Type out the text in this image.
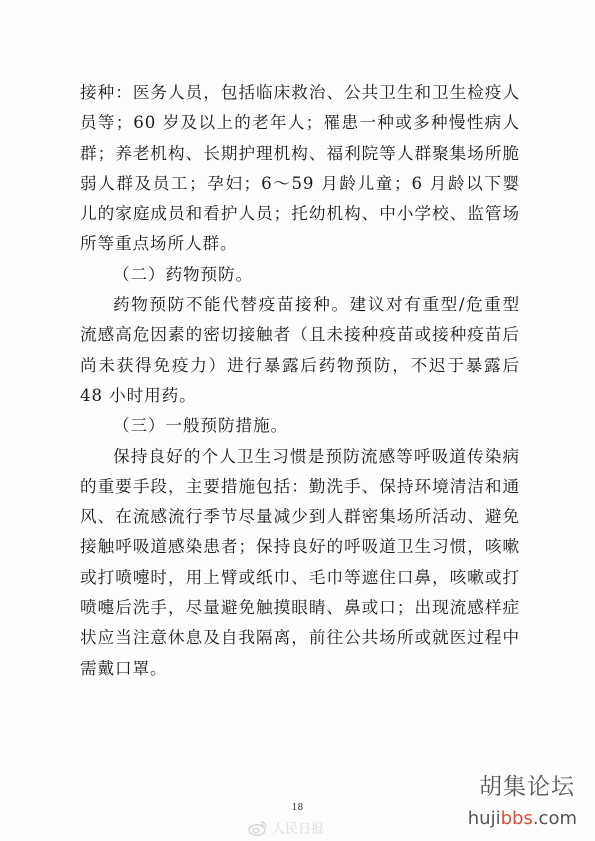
接种：医务人员，包括临床救治、公共卫生和卫生检疫人员等；60 岁及以上的老年人；罹患一种或多种慢性病人群；养老机构、长期护理机构、福利院等人群聚集场所脆弱人群及员工；孕妇；6～59 月龄儿童；6 月龄以下婴儿的家庭成员和看护人员；托幼机构、中小学校、监管场所等重点场所人群。

（二）药物预防。

药物预防不能代替疫苗接种。建议对有重型/危重型流感高危因素的密切接触者（且未接种疫苗或接种疫苗后尚未获得免疫力）进行暴露后药物预防，不迟于暴露后 48 小时用药。

（三）一般预防措施。

保持良好的个人卫生习惯是预防流感等呼吸道传染病的重要手段，主要措施包括：勤洗手、保持环境清洁和通风、在流感流行季节尽量减少到人群密集场所活动、避免接触呼吸道感染患者；保持良好的呼吸道卫生习惯，咳嗽或打喷嚏时，用上臂或纸巾、毛巾等遮住口鼻，咳嗽或打喷嚏后洗手，尽量避免触摸眼睛、鼻或口；出现流感样症状应当注意休息及自我隔离，前往公共场所或就医过程中需戴口罩。

18
人民日报
胡集论坛
hujibbs.com
